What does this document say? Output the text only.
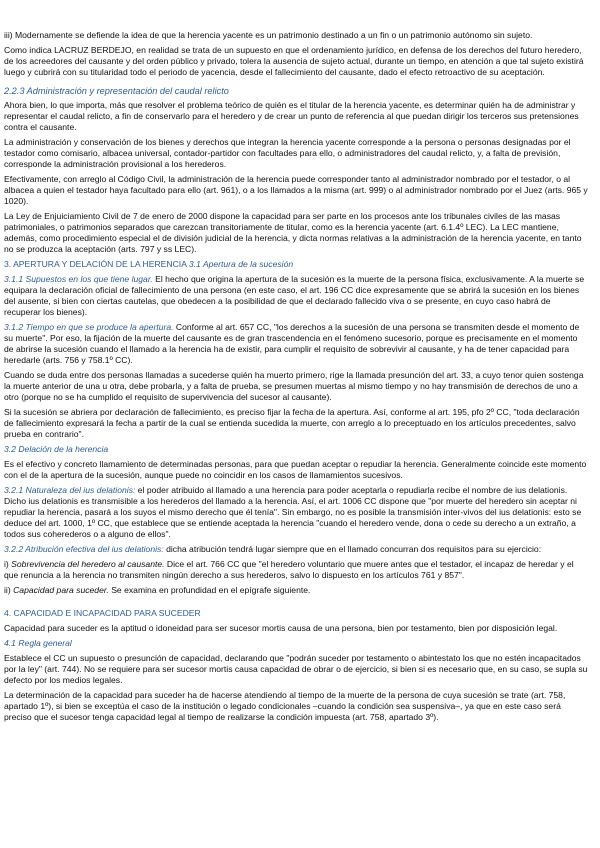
iii) Modernamente se defiende la idea de que la herencia yacente es un patrimonio destinado a un fin o un patrimonio autónomo sin sujeto.

Como indica LACRUZ BERDEJO, en realidad se trata de un supuesto en que el ordenamiento jurídico, en defensa de los derechos del futuro heredero, de los acreedores del causante y del orden público y privado, tolera la ausencia de sujeto actual, durante un tiempo, en atención a que tal sujeto existirá luego y cubrirá con su titularidad todo el periodo de yacencia, desde el fallecimiento del causante, dado el efecto retroactivo de su aceptación.

2.2.3 Administración y representación del caudal relicto

Ahora bien, lo que importa, más que resolver el problema teórico de quién es el titular de la herencia yacente, es determinar quién ha de administrar y representar el caudal relicto, a fin de conservarlo para el heredero y de crear un punto de referencia al que puedan dirigir los terceros sus pretensiones contra el causante.

La administración y conservación de los bienes y derechos que integran la herencia yacente corresponde a la persona o personas designadas por el testador como comisario, albacea universal, contador-partidor con facultades para ello, o administradores del caudal relicto, y, a falta de previsión, corresponde la administración provisional a los herederos.

Efectivamente, con arreglo al Código Civil, la administración de la herencia puede corresponder tanto al administrador nombrado por el testador, o al albacea a quien el testador haya facultado para ello (art. 961), o a los llamados a la misma (art. 999) o al administrador nombrado por el Juez (arts. 965 y 1020).

La Ley de Enjuiciamiento Civil de 7 de enero de 2000 dispone la capacidad para ser parte en los procesos ante los tribunales civiles de las masas patrimoniales, o patrimonios separados que carezcan transitoriamente de titular, como es la herencia yacente (art. 6.1.4º LEC). La LEC mantiene, además, como procedimiento especial el de división judicial de la herencia, y dicta normas relativas a la administración de la herencia yacente, en tanto no se produzca la aceptación (arts. 797 y ss LEC).

3. APERTURA Y DELACIÓN DE LA HERENCIA 3.1 Apertura de la sucesión

3.1.1 Supuestos en los que tiene lugar. El hecho que origina la apertura de la sucesión es la muerte de la persona física, exclusivamente. A la muerte se equipara la declaración oficial de fallecimiento de una persona (en este caso, el art. 196 CC dice expresamente que se abrirá la sucesión en los bienes del ausente, si bien con ciertas cautelas, que obedecen a la posibilidad de que el declarado fallecido viva o se presente, en cuyo caso habrá de recuperar los bienes).

3.1.2 Tiempo en que se produce la apertura. Conforme al art. 657 CC, "los derechos a la sucesión de una persona se transmiten desde el momento de su muerte". Por eso, la fijación de la muerte del causante es de gran trascendencia en el fenómeno sucesorio, porque es precisamente en el momento de abrirse la sucesión cuando el llamado a la herencia ha de existir, para cumplir el requisito de sobrevivir al causante, y ha de tener capacidad para heredarle (arts. 756 y 758.1º CC).

Cuando se duda entre dos personas llamadas a sucederse quién ha muerto primero, rige la llamada presunción del art. 33, a cuyo tenor quien sostenga la muerte anterior de una u otra, debe probarla, y a falta de prueba, se presumen muertas al mismo tiempo y no hay transmisión de derechos de uno a otro (porque no se ha cumplido el requisito de supervivencia del sucesor al causante).

Si la sucesión se abriera por declaración de fallecimiento, es preciso fijar la fecha de la apertura. Así, conforme al art. 195, pfo 2º CC, "toda declaración de fallecimiento expresará la fecha a partir de la cual se entienda sucedida la muerte, con arreglo a lo preceptuado en los artículos precedentes, salvo prueba en contrario".

3.2 Delación de la herencia

Es el efectivo y concreto llamamiento de determinadas personas, para que puedan aceptar o repudiar la herencia. Generalmente coincide este momento con el de la apertura de la sucesión, aunque puede no coincidir en los casos de llamamientos sucesivos.

3.2.1 Naturaleza del ius delationis: el poder atribuido al llamado a una herencia para poder aceptarla o repudiarla recibe el nombre de ius delationis. Dicho ius delationis es transmisible a los herederos del llamado a la herencia. Así, el art. 1006 CC dispone que "por muerte del heredero sin aceptar ni repudiar la herencia, pasará a los suyos el mismo derecho que él tenía". Sin embargo, no es posible la transmisión inter-vivos del ius delationis: esto se deduce del art. 1000, 1º CC, que establece que se entiende aceptada la herencia "cuando el heredero vende, dona o cede su derecho a un extraño, a todos sus coherederos o a alguno de ellos".

3.2.2 Atribución efectiva del ius delationis: dicha atribución tendrá lugar siempre que en el llamado concurran dos requisitos para su ejercicio:

i) Sobrevivencia del heredero al causante. Dice el art. 766 CC que "el heredero voluntario que muere antes que el testador, el incapaz de heredar y el que renuncia a la herencia no transmiten ningún derecho a sus herederos, salvo lo dispuesto en los artículos 761 y 857".

ii) Capacidad para suceder. Se examina en profundidad en el epígrafe siguiente.

4. CAPACIDAD E INCAPACIDAD PARA SUCEDER

Capacidad para suceder es la aptitud o idoneidad para ser sucesor mortis causa de una persona, bien por testamento, bien por disposición legal.

4.1 Regla general

Establece el CC un supuesto o presunción de capacidad, declarando que "podrán suceder por testamento o abintestato los que no estén incapacitados por la ley" (art. 744). No se requiere para ser sucesor mortis causa capacidad de obrar o de ejercicio, si bien si es necesario que, en su caso, se supla su defecto por los medios legales.

La determinación de la capacidad para suceder ha de hacerse atendiendo al tiempo de la muerte de la persona de cuya sucesión se trate (art. 758, apartado 1º), si bien se exceptúa el caso de la institución o legado condicionales –cuando la condición sea suspensiva–, ya que en este caso será preciso que el sucesor tenga capacidad legal al tiempo de realizarse la condición impuesta (art. 758, apartado 3º).
